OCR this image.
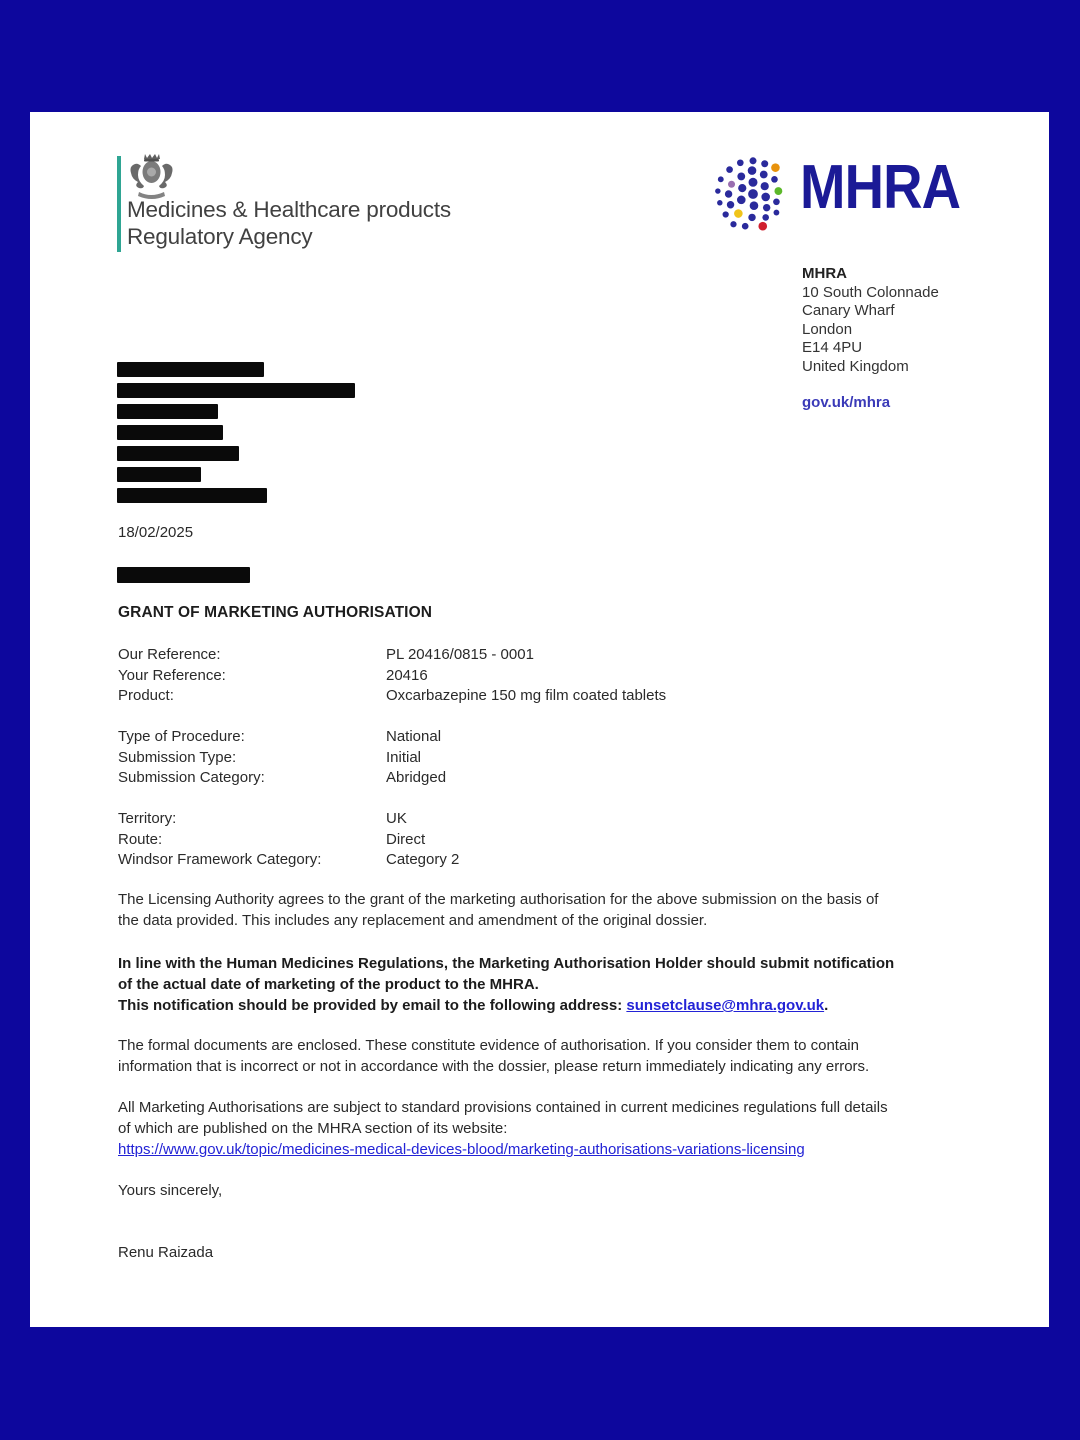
Medicines & Healthcare products
Regulatory Agency
MHRA
MHRA
10 South Colonnade
Canary Wharf
London
E14 4PU
United Kingdom
gov.uk/mhra
18/02/2025
GRANT OF MARKETING AUTHORISATION
Our Reference:	PL 20416/0815 - 0001
Your Reference:	20416
Product:	Oxcarbazepine 150 mg film coated tablets
Type of Procedure:	National
Submission Type:	Initial
Submission Category:	Abridged
Territory:	UK
Route:	Direct
Windsor Framework Category:	Category 2
The Licensing Authority agrees to the grant of the marketing authorisation for the above submission on the basis of
the data provided. This includes any replacement and amendment of the original dossier.
In line with the Human Medicines Regulations, the Marketing Authorisation Holder should submit notification
of the actual date of marketing of the product to the MHRA.
This notification should be provided by email to the following address: sunsetclause@mhra.gov.uk.
The formal documents are enclosed. These constitute evidence of authorisation. If you consider them to contain
information that is incorrect or not in accordance with the dossier, please return immediately indicating any errors.
All Marketing Authorisations are subject to standard provisions contained in current medicines regulations full details
of which are published on the MHRA section of its website:
https://www.gov.uk/topic/medicines-medical-devices-blood/marketing-authorisations-variations-licensing
Yours sincerely,
Renu Raizada
